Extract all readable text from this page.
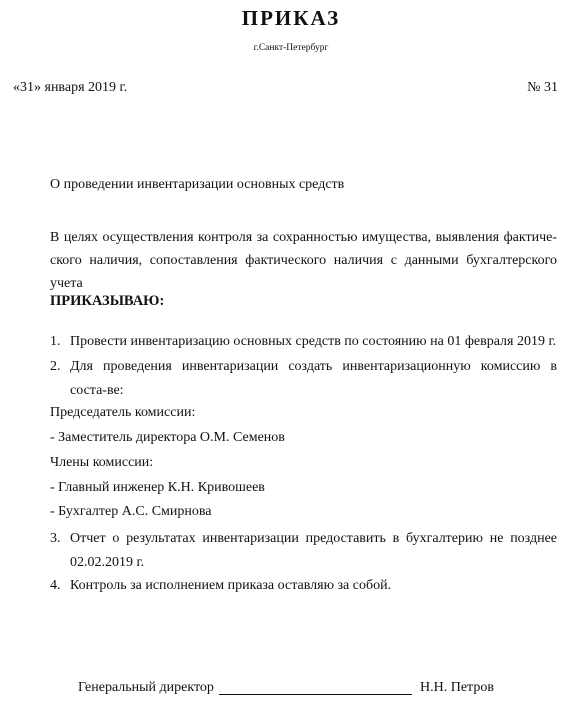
ПРИКАЗ
г.Санкт-Петербург
«31» января 2019 г.	№ 31
О проведении инвентаризации основных средств
В целях осуществления контроля за сохранностью имущества, выявления фактиче-ского наличия, сопоставления фактического наличия с данными бухгалтерского учета
ПРИКАЗЫВАЮ:
1. Провести инвентаризацию основных средств по состоянию на 01 февраля 2019 г.
2. Для проведения инвентаризации создать инвентаризационную комиссию в соста-ве:
Председатель комиссии:
- Заместитель директора О.М. Семенов
Члены комиссии:
- Главный инженер К.Н. Кривошеев
- Бухгалтер А.С. Смирнова
3. Отчет о результатах инвентаризации предоставить в бухгалтерию не позднее 02.02.2019 г.
4. Контроль за исполнением приказа оставляю за собой.
Генеральный директор	Н.Н. Петров
